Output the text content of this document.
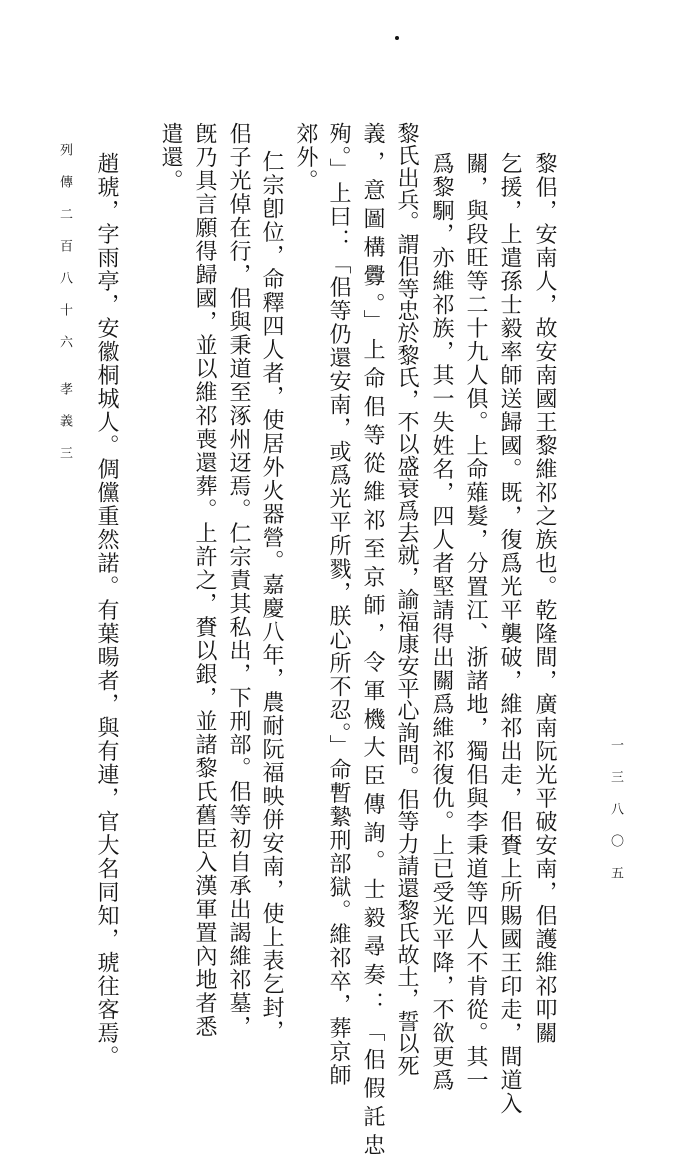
黎佀，安南人，故安南國王黎維祁之族也。乾隆間，廣南阮光平破安南，佀護維祁叩關
乞援，上遣孫士毅率師送歸國。既，復爲光平襲破，維祁出走，佀賚上所賜國王印走，間道入
關，與段旺等二十九人俱。上命薙髮，分置江、浙諸地，獨佀與李秉道等四人不肯從。其一
爲黎駉，亦維祁族，其一失姓名，四人者堅請得出關爲維祁復仇。上已受光平降，不欲更爲
黎氏出兵。謂佀等忠於黎氏，不以盛衰爲去就，諭福康安平心詢問。佀等力請還黎氏故土，誓以死
義，意圖構釁。」上命佀等從維祁至京師，令軍機大臣傳詢。士毅尋奏：「佀假託忠
殉。」上曰：「佀等仍還安南，或爲光平所戮，朕心所不忍。」命暫縶刑部獄。維祁卒，葬京師
郊外。
仁宗卽位，命釋四人者，使居外火器營。嘉慶八年，農耐阮福映併安南，使上表乞封，
佀子光倬在行，佀與秉道至涿州迓焉。仁宗責其私出，下刑部。佀等初自承出謁維祁墓，
旣乃具言願得歸國，並以維祁喪還葬。上許之，賚以銀，並諸黎氏舊臣入漢軍置內地者悉
遣還。
趙琥，字雨亭，安徽桐城人。倜儻重然諾。有葉暘者，與有連，官大名同知，琥往客焉。
列 傳 二 百 八 十 六　 孝 義 三
一 三 八 〇 五
